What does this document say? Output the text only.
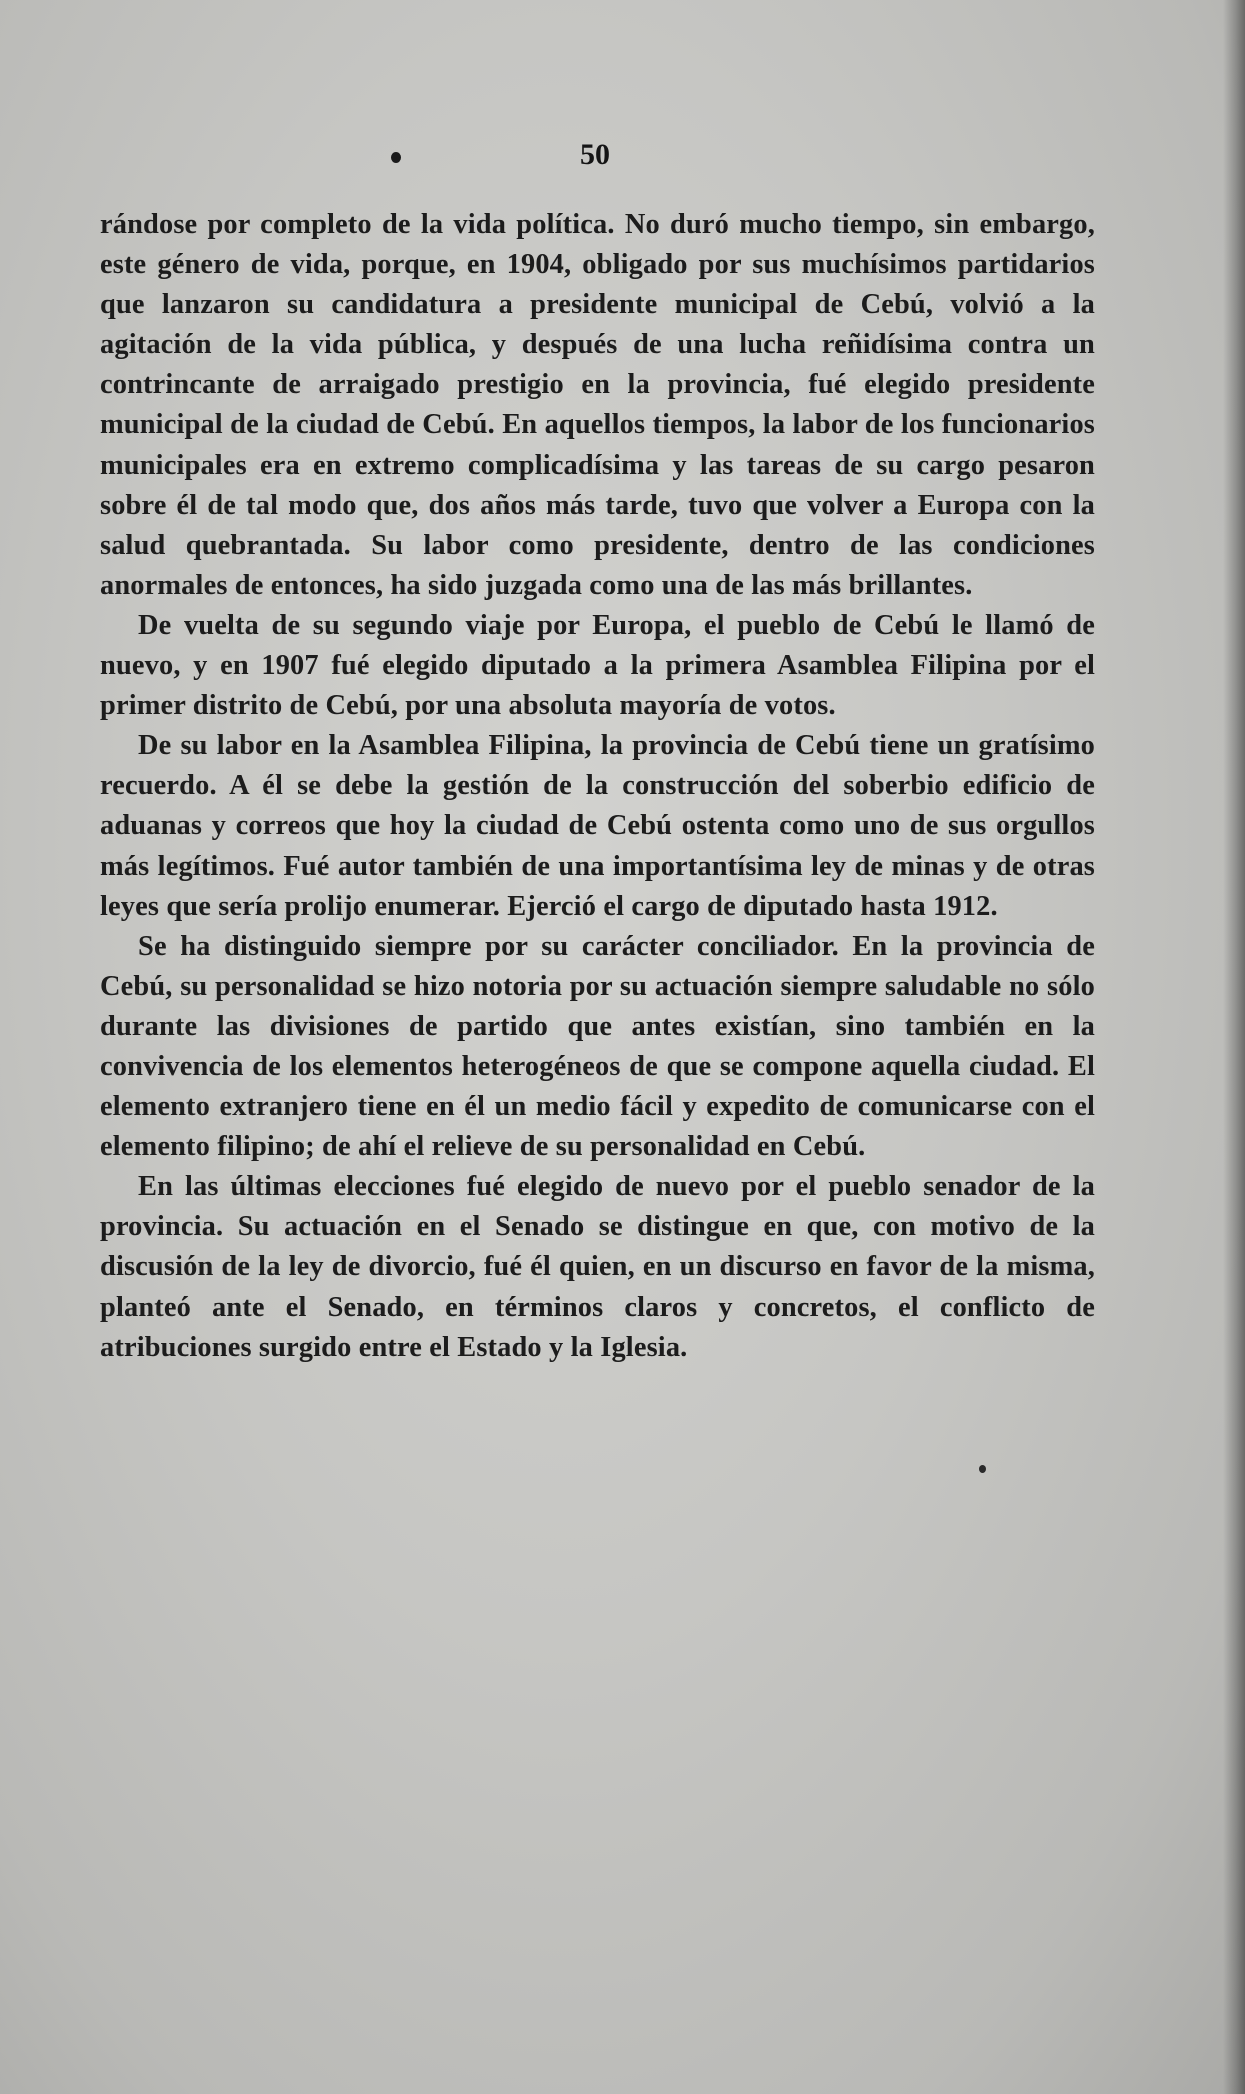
50

rándose por completo de la vida política. No duró mucho tiempo, sin embargo, este género de vida, porque, en 1904, obligado por sus muchísimos partidarios que lanzaron su candidatura a presidente municipal de Cebú, volvió a la agitación de la vida pública, y después de una lucha reñidísima contra un contrincante de arraigado prestigio en la provincia, fué elegido presidente municipal de la ciudad de Cebú. En aquellos tiempos, la labor de los funcionarios municipales era en extremo complicadísima y las tareas de su cargo pesaron sobre él de tal modo que, dos años más tarde, tuvo que volver a Europa con la salud quebrantada. Su labor como presidente, dentro de las condiciones anormales de entonces, ha sido juzgada como una de las más brillantes.

De vuelta de su segundo viaje por Europa, el pueblo de Cebú le llamó de nuevo, y en 1907 fué elegido diputado a la primera Asamblea Filipina por el primer distrito de Cebú, por una absoluta mayoría de votos.

De su labor en la Asamblea Filipina, la provincia de Cebú tiene un gratísimo recuerdo. A él se debe la gestión de la construcción del soberbio edificio de aduanas y correos que hoy la ciudad de Cebú ostenta como uno de sus orgullos más legítimos. Fué autor también de una importantísima ley de minas y de otras leyes que sería prolijo enumerar. Ejerció el cargo de diputado hasta 1912.

Se ha distinguido siempre por su carácter conciliador. En la provincia de Cebú, su personalidad se hizo notoria por su actuación siempre saludable no sólo durante las divisiones de partido que antes existían, sino también en la convivencia de los elementos heterogéneos de que se compone aquella ciudad. El elemento extranjero tiene en él un medio fácil y expedito de comunicarse con el elemento filipino; de ahí el relieve de su personalidad en Cebú.

En las últimas elecciones fué elegido de nuevo por el pueblo senador de la provincia. Su actuación en el Senado se distingue en que, con motivo de la discusión de la ley de divorcio, fué él quien, en un discurso en favor de la misma, planteó ante el Senado, en términos claros y concretos, el conflicto de atribuciones surgido entre el Estado y la Iglesia.
